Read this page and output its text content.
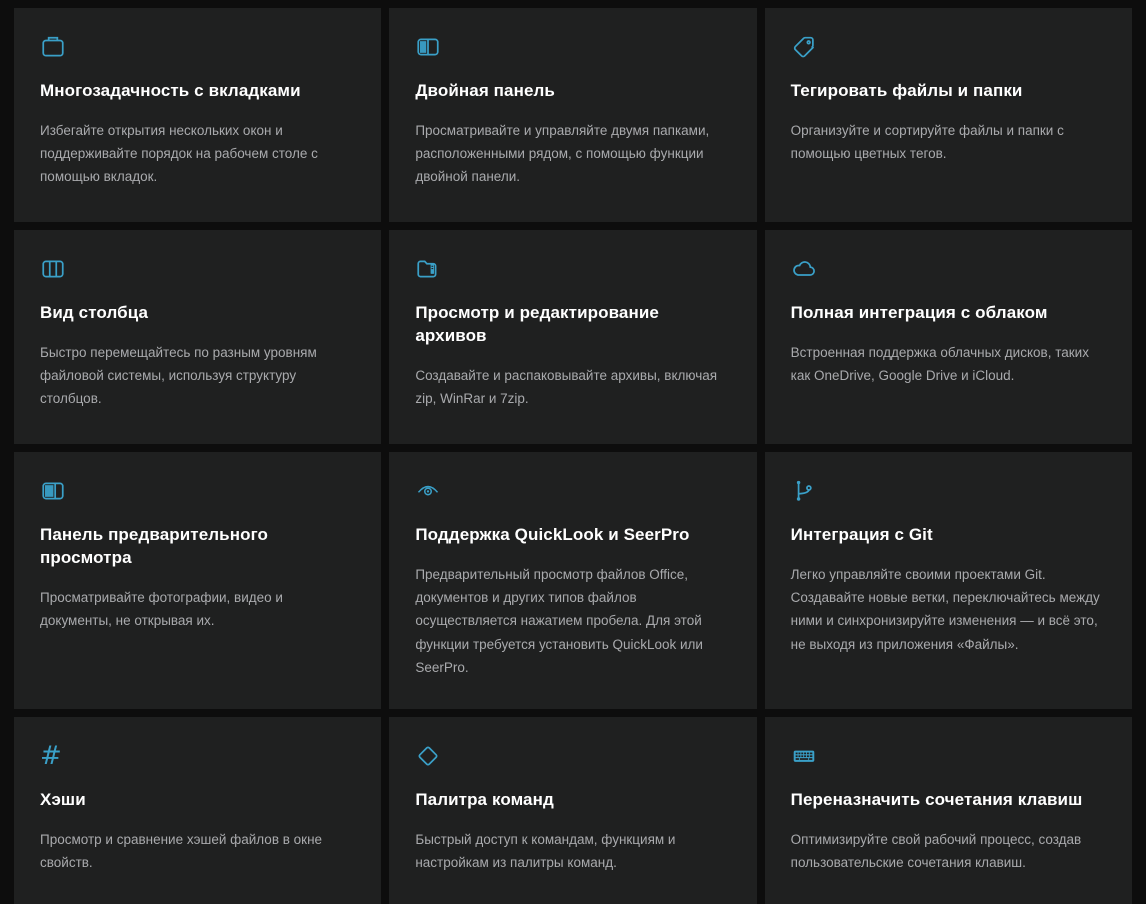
Многозадачность с вкладками

Избегайте открытия нескольких окон и поддерживайте порядок на рабочем столе с помощью вкладок.

Двойная панель

Просматривайте и управляйте двумя папками, расположенными рядом, с помощью функции двойной панели.

Тегировать файлы и папки

Организуйте и сортируйте файлы и папки с помощью цветных тегов.

Вид столбца

Быстро перемещайтесь по разным уровням файловой системы, используя структуру столбцов.

Просмотр и редактирование архивов

Создавайте и распаковывайте архивы, включая zip, WinRar и 7zip.

Полная интеграция с облаком

Встроенная поддержка облачных дисков, таких как OneDrive, Google Drive и iCloud.

Панель предварительного просмотра

Просматривайте фотографии, видео и документы, не открывая их.

Поддержка QuickLook и SeerPro

Предварительный просмотр файлов Office, документов и других типов файлов осуществляется нажатием пробела. Для этой функции требуется установить QuickLook или SeerPro.

Интеграция с Git

Легко управляйте своими проектами Git. Создавайте новые ветки, переключайтесь между ними и синхронизируйте изменения — и всё это, не выходя из приложения «Файлы».

#
Хэши

Просмотр и сравнение хэшей файлов в окне свойств.

Палитра команд

Быстрый доступ к командам, функциям и настройкам из палитры команд.

Переназначить сочетания клавиш

Оптимизируйте свой рабочий процесс, создав пользовательские сочетания клавиш.
